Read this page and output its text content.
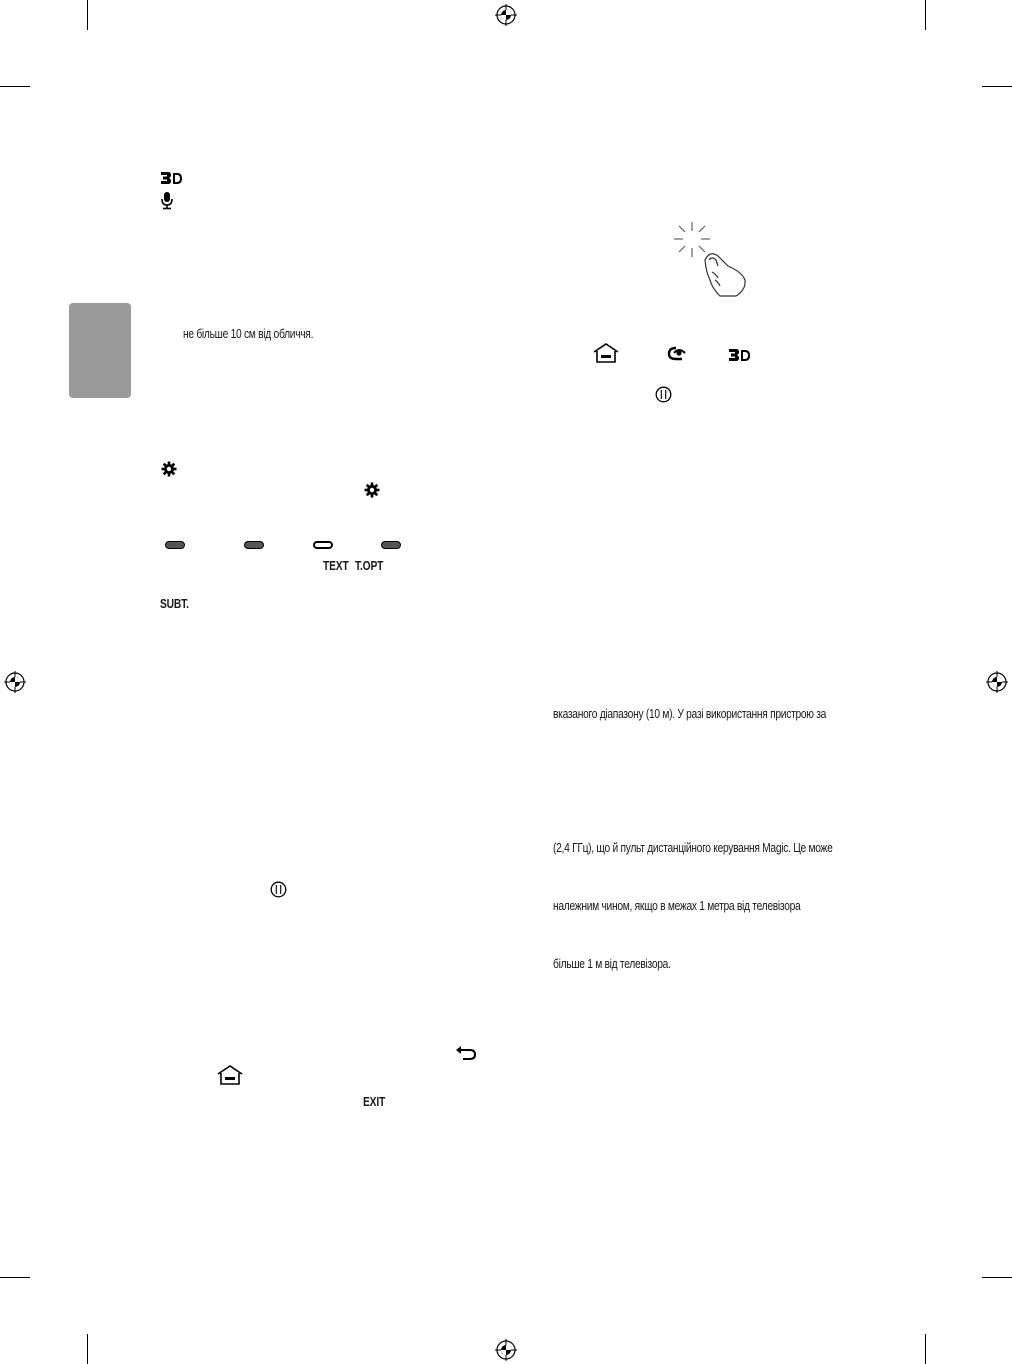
не більше 10 см від обличчя.
TEXT T.OPT
SUBT.
EXIT
вказаного діапазону (10 м). У разі використання пристрою за
(2,4 ГГц), що й пульт дистанційного керування Magic. Це може
належним чином, якщо в межах 1 метра від телевізора
більше 1 м від телевізора.
